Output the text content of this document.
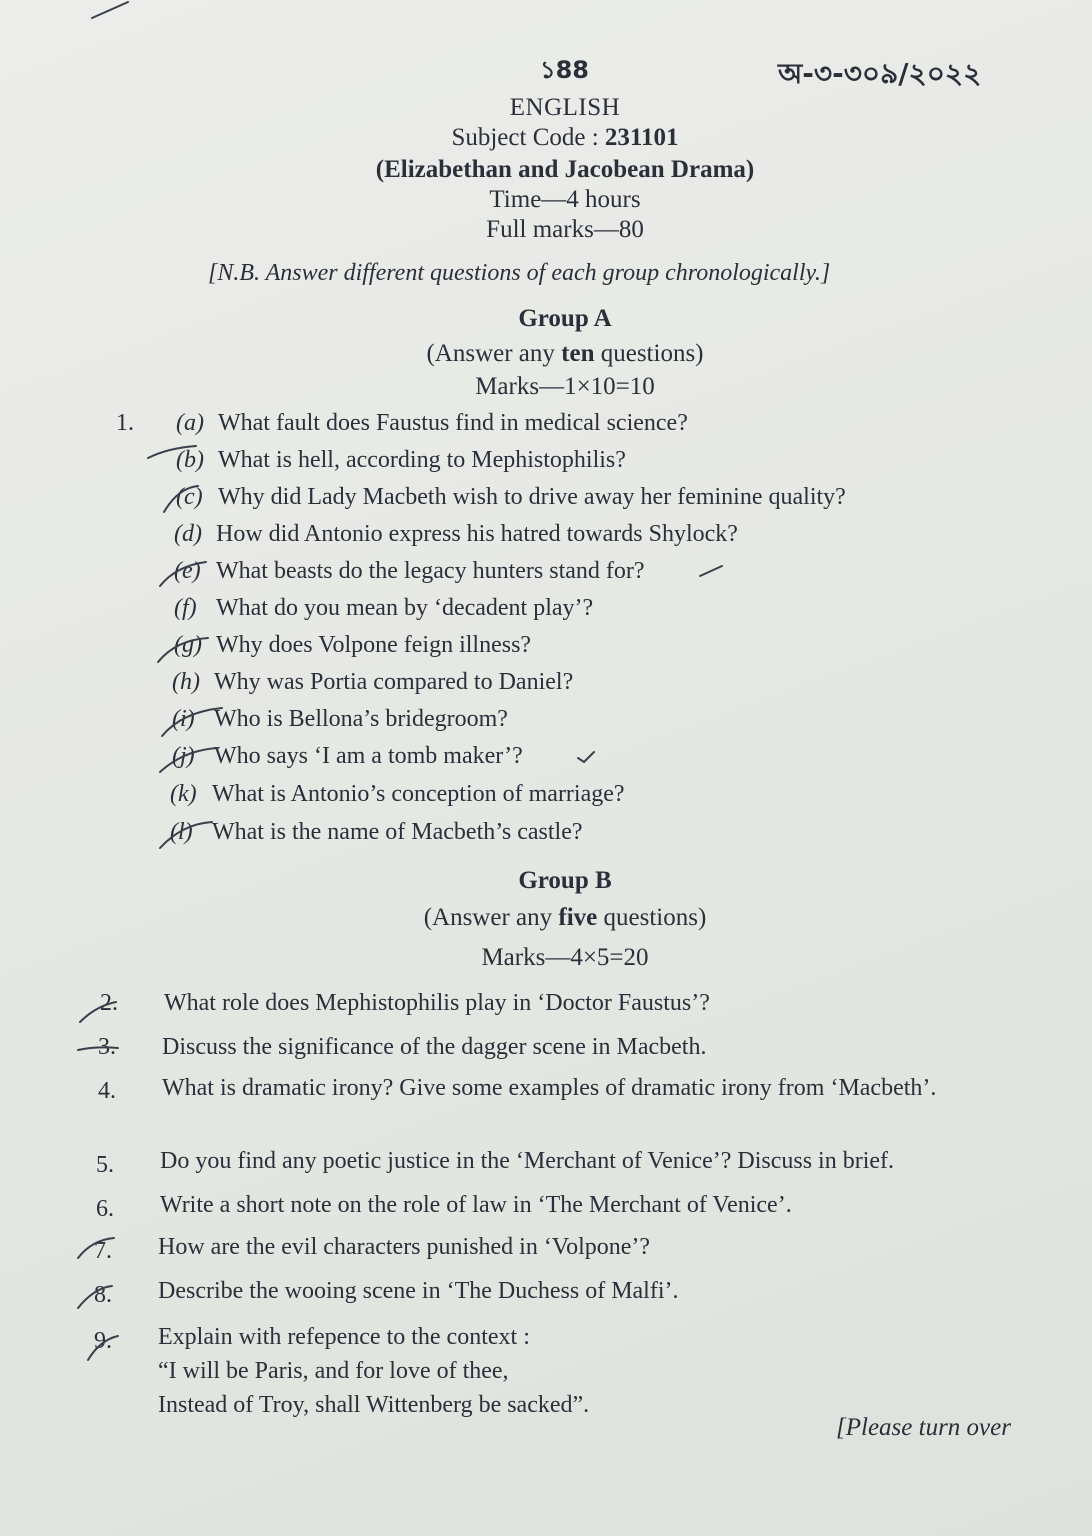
১88	অ-৩-৩০৯/২০২২
ENGLISH
Subject Code : 231101
(Elizabethan and Jacobean Drama)
Time—4 hours
Full marks—80
[N.B. Answer different questions of each group chronologically.]
Group A
(Answer any ten questions)
Marks—1×10=10
1. (a) What fault does Faustus find in medical science?
(b) What is hell, according to Mephistophilis?
(c) Why did Lady Macbeth wish to drive away her feminine quality?
(d) How did Antonio express his hatred towards Shylock?
(e) What beasts do the legacy hunters stand for?
(f) What do you mean by ‘decadent play’?
(g) Why does Volpone feign illness?
(h) Why was Portia compared to Daniel?
(i) Who is Bellona’s bridegroom?
(j) Who says ‘I am a tomb maker’?
(k) What is Antonio’s conception of marriage?
(l) What is the name of Macbeth’s castle?
Group B
(Answer any five questions)
Marks—4×5=20
2. What role does Mephistophilis play in ‘Doctor Faustus’?
3. Discuss the significance of the dagger scene in Macbeth.
4. What is dramatic irony? Give some examples of dramatic irony from ‘Macbeth’.
5. Do you find any poetic justice in the ‘Merchant of Venice’? Discuss in brief.
6. Write a short note on the role of law in ‘The Merchant of Venice’.
7. How are the evil characters punished in ‘Volpone’?
8. Describe the wooing scene in ‘The Duchess of Malfi’.
9. Explain with refepence to the context :
“I will be Paris, and for love of thee,
Instead of Troy, shall Wittenberg be sacked”.
[Please turn over
